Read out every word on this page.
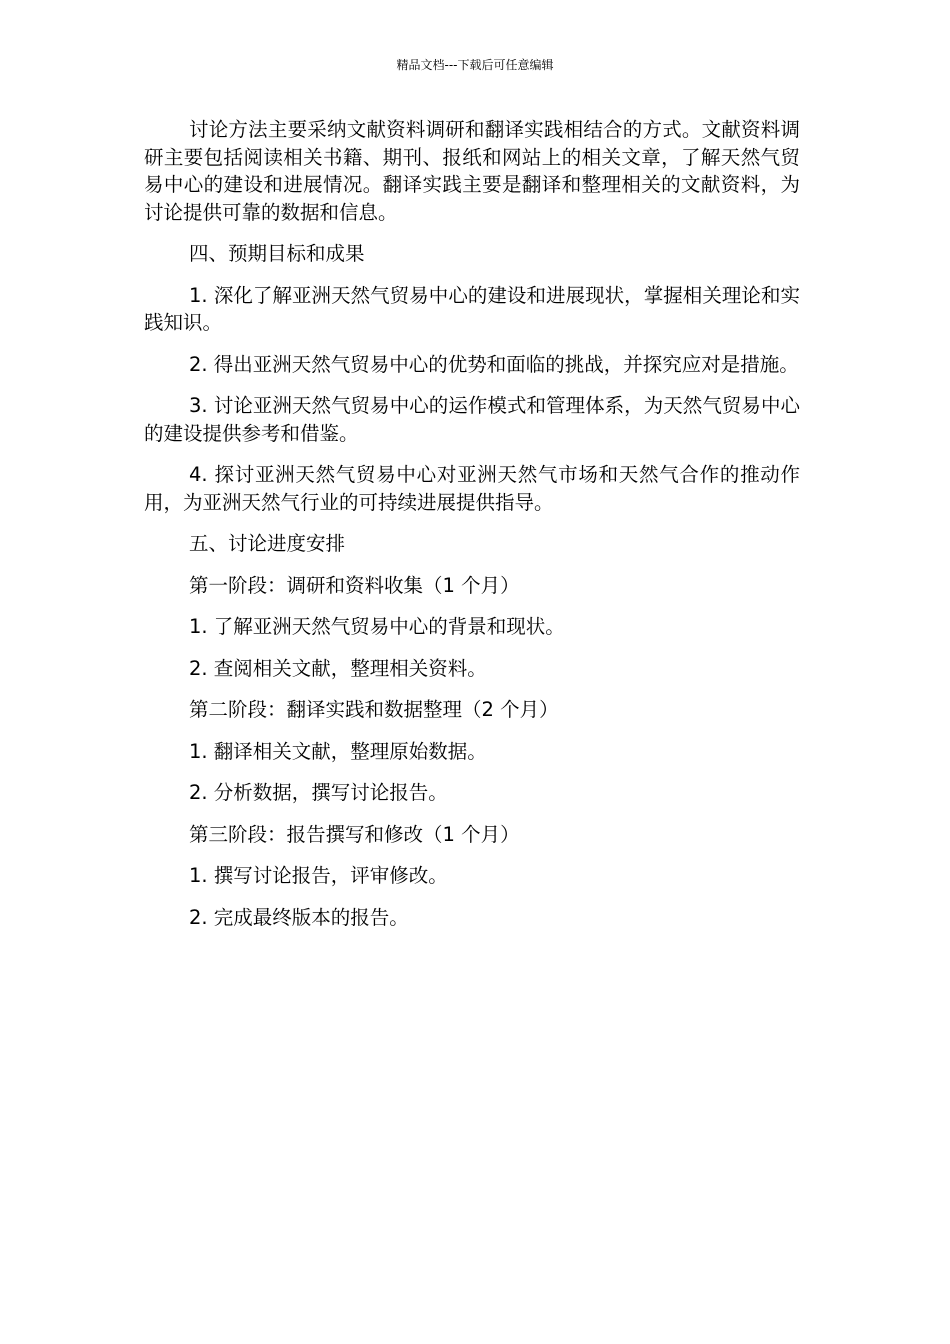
精品文档---下载后可任意编辑

讨论方法主要采纳文献资料调研和翻译实践相结合的方式。文献资料调研主要包括阅读相关书籍、期刊、报纸和网站上的相关文章，了解天然气贸易中心的建设和进展情况。翻译实践主要是翻译和整理相关的文献资料，为讨论提供可靠的数据和信息。

四、预期目标和成果

1. 深化了解亚洲天然气贸易中心的建设和进展现状，掌握相关理论和实践知识。

2. 得出亚洲天然气贸易中心的优势和面临的挑战，并探究应对是措施。

3. 讨论亚洲天然气贸易中心的运作模式和管理体系，为天然气贸易中心的建设提供参考和借鉴。

4. 探讨亚洲天然气贸易中心对亚洲天然气市场和天然气合作的推动作用，为亚洲天然气行业的可持续进展提供指导。

五、讨论进度安排

第一阶段：调研和资料收集（1 个月）

1. 了解亚洲天然气贸易中心的背景和现状。

2. 查阅相关文献，整理相关资料。

第二阶段：翻译实践和数据整理（2 个月）

1. 翻译相关文献，整理原始数据。

2. 分析数据，撰写讨论报告。

第三阶段：报告撰写和修改（1 个月）

1. 撰写讨论报告，评审修改。

2. 完成最终版本的报告。
